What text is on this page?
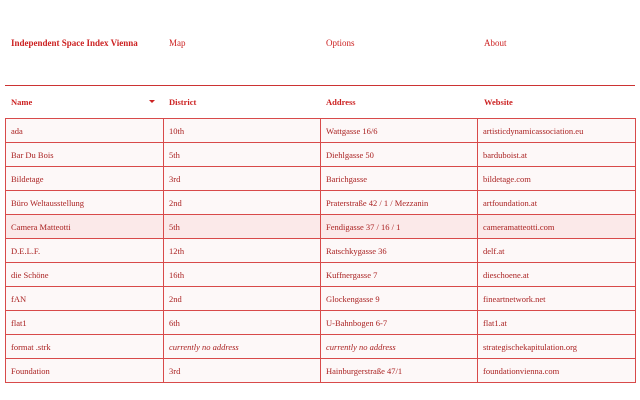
Independent Space Index Vienna	Map	Options	About
Name	District	Address	Website
ada	10th	Wattgasse 16/6	artisticdynamicassociation.eu
Bar Du Bois	5th	Diehlgasse 50	barduboist.at
Bildetage	3rd	Barichgasse	bildetage.com
Büro Weltausstellung	2nd	Praterstraße 42 / 1 / Mezzanin	artfoundation.at
Camera Matteotti	5th	Fendigasse 37 / 16 / 1	cameramatteotti.com
D.E.L.F.	12th	Ratschkygasse 36	delf.at
die Schöne	16th	Kuffnergasse 7	dieschoene.at
fAN	2nd	Glockengasse 9	fineartnetwork.net
flat1	6th	U-Bahnbogen 6-7	flat1.at
format .strk	currently no address	currently no address	strategischekapitulation.org
Foundation	3rd	Hainburgerstraße 47/1	foundationvienna.com
